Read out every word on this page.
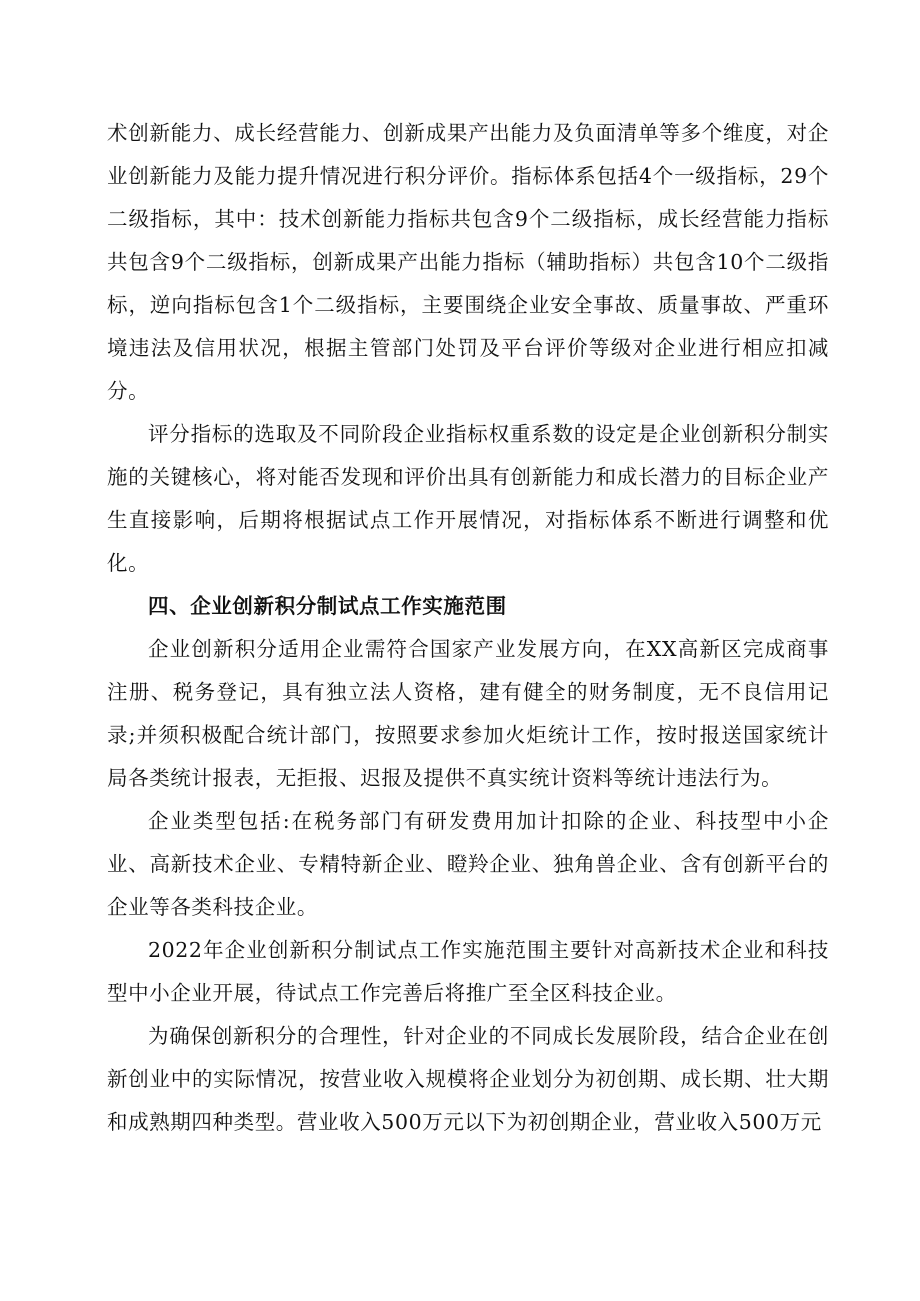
术创新能力、成长经营能力、创新成果产出能力及负面清单等多个维度，对企业创新能力及能力提升情况进行积分评价。指标体系包括4个一级指标，29个二级指标，其中：技术创新能力指标共包含9个二级指标，成长经营能力指标共包含9个二级指标，创新成果产出能力指标（辅助指标）共包含10个二级指标，逆向指标包含1个二级指标，主要围绕企业安全事故、质量事故、严重环境违法及信用状况，根据主管部门处罚及平台评价等级对企业进行相应扣减分。

评分指标的选取及不同阶段企业指标权重系数的设定是企业创新积分制实施的关键核心，将对能否发现和评价出具有创新能力和成长潜力的目标企业产生直接影响，后期将根据试点工作开展情况，对指标体系不断进行调整和优化。

四、企业创新积分制试点工作实施范围

企业创新积分适用企业需符合国家产业发展方向，在XX高新区完成商事注册、税务登记，具有独立法人资格，建有健全的财务制度，无不良信用记录;并须积极配合统计部门，按照要求参加火炬统计工作，按时报送国家统计局各类统计报表，无拒报、迟报及提供不真实统计资料等统计违法行为。

企业类型包括:在税务部门有研发费用加计扣除的企业、科技型中小企业、高新技术企业、专精特新企业、瞪羚企业、独角兽企业、含有创新平台的企业等各类科技企业。

2022年企业创新积分制试点工作实施范围主要针对高新技术企业和科技型中小企业开展，待试点工作完善后将推广至全区科技企业。

为确保创新积分的合理性，针对企业的不同成长发展阶段，结合企业在创新创业中的实际情况，按营业收入规模将企业划分为初创期、成长期、壮大期和成熟期四种类型。营业收入500万元以下为初创期企业，营业收入500万元
